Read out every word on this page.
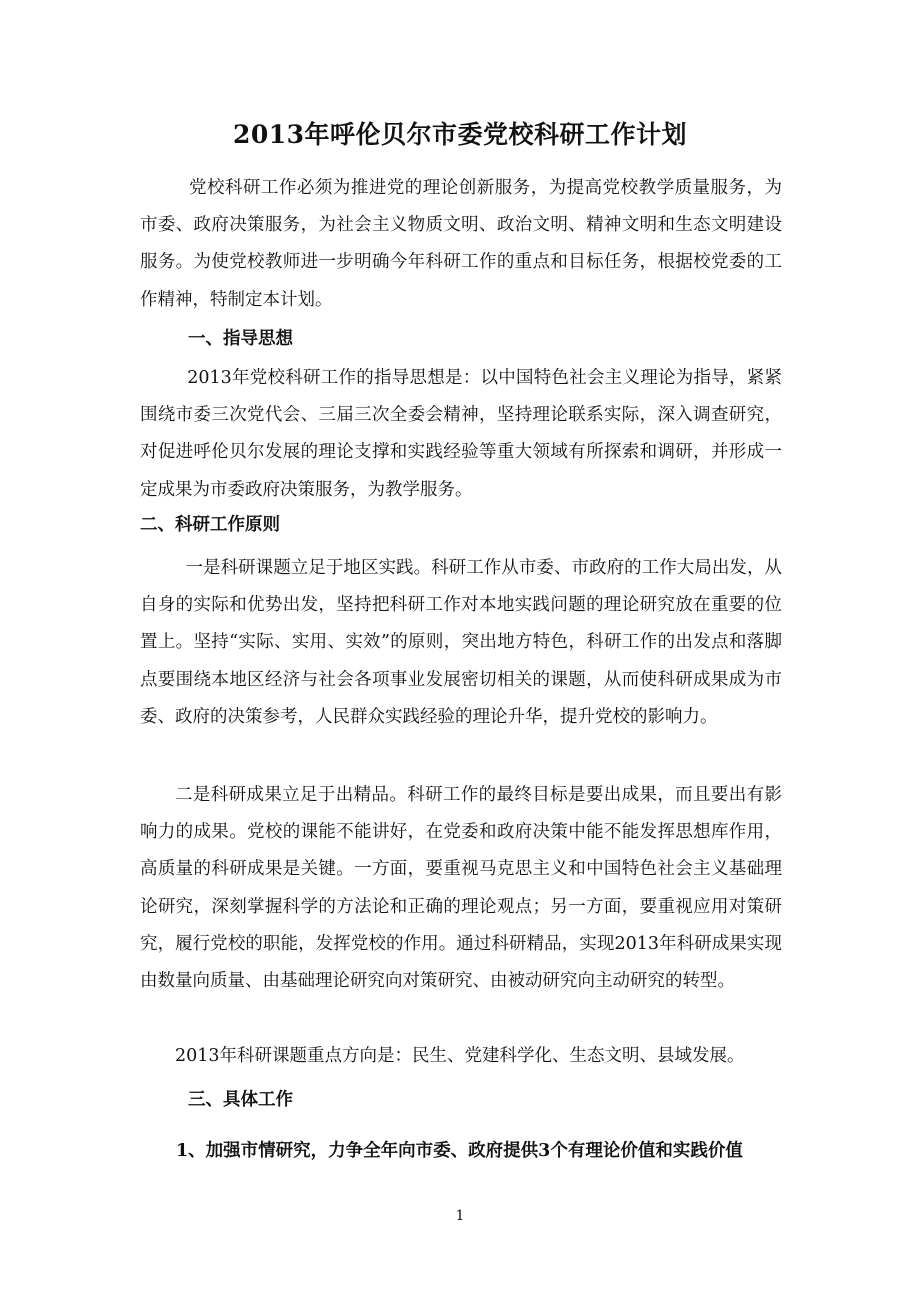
2013年呼伦贝尔市委党校科研工作计划

党校科研工作必须为推进党的理论创新服务，为提高党校教学质量服务，为市委、政府决策服务，为社会主义物质文明、政治文明、精神文明和生态文明建设服务。为使党校教师进一步明确今年科研工作的重点和目标任务，根据校党委的工作精神，特制定本计划。

一、指导思想

2013年党校科研工作的指导思想是：以中国特色社会主义理论为指导，紧紧围绕市委三次党代会、三届三次全委会精神，坚持理论联系实际，深入调查研究，对促进呼伦贝尔发展的理论支撑和实践经验等重大领域有所探索和调研，并形成一定成果为市委政府决策服务，为教学服务。

二、科研工作原则

一是科研课题立足于地区实践。科研工作从市委、市政府的工作大局出发，从自身的实际和优势出发，坚持把科研工作对本地实践问题的理论研究放在重要的位置上。坚持“实际、实用、实效”的原则，突出地方特色，科研工作的出发点和落脚点要围绕本地区经济与社会各项事业发展密切相关的课题，从而使科研成果成为市委、政府的决策参考，人民群众实践经验的理论升华，提升党校的影响力。

二是科研成果立足于出精品。科研工作的最终目标是要出成果，而且要出有影响力的成果。党校的课能不能讲好，在党委和政府决策中能不能发挥思想库作用，高质量的科研成果是关键。一方面，要重视马克思主义和中国特色社会主义基础理论研究，深刻掌握科学的方法论和正确的理论观点；另一方面，要重视应用对策研究，履行党校的职能，发挥党校的作用。通过科研精品，实现2013年科研成果实现由数量向质量、由基础理论研究向对策研究、由被动研究向主动研究的转型。

2013年科研课题重点方向是：民生、党建科学化、生态文明、县域发展。

三、具体工作

1、加强市情研究，力争全年向市委、政府提供3个有理论价值和实践价值

1
